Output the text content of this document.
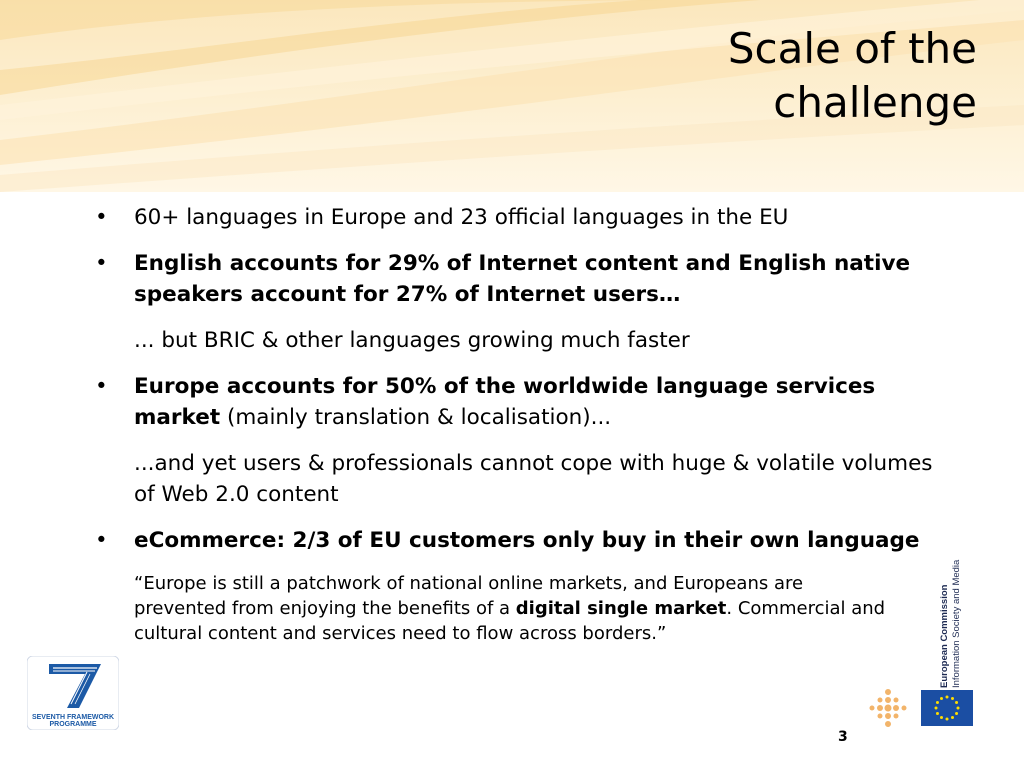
Scale of the
challenge
•	60+ languages in Europe and 23 official languages in the EU
•	English accounts for 29% of Internet content and English native speakers account for 27% of Internet users…
... but BRIC & other languages growing much faster
•	Europe accounts for 50% of the worldwide language services market (mainly translation & localisation)...
...and yet users & professionals cannot cope with huge & volatile volumes of Web 2.0 content
•	eCommerce: 2/3 of EU customers only buy in their own language
“Europe is still a patchwork of national online markets, and Europeans are prevented from enjoying the benefits of a digital single market. Commercial and cultural content and services need to flow across borders.”
SEVENTH FRAMEWORK
PROGRAMME
European Commission Information Society and Media
3
